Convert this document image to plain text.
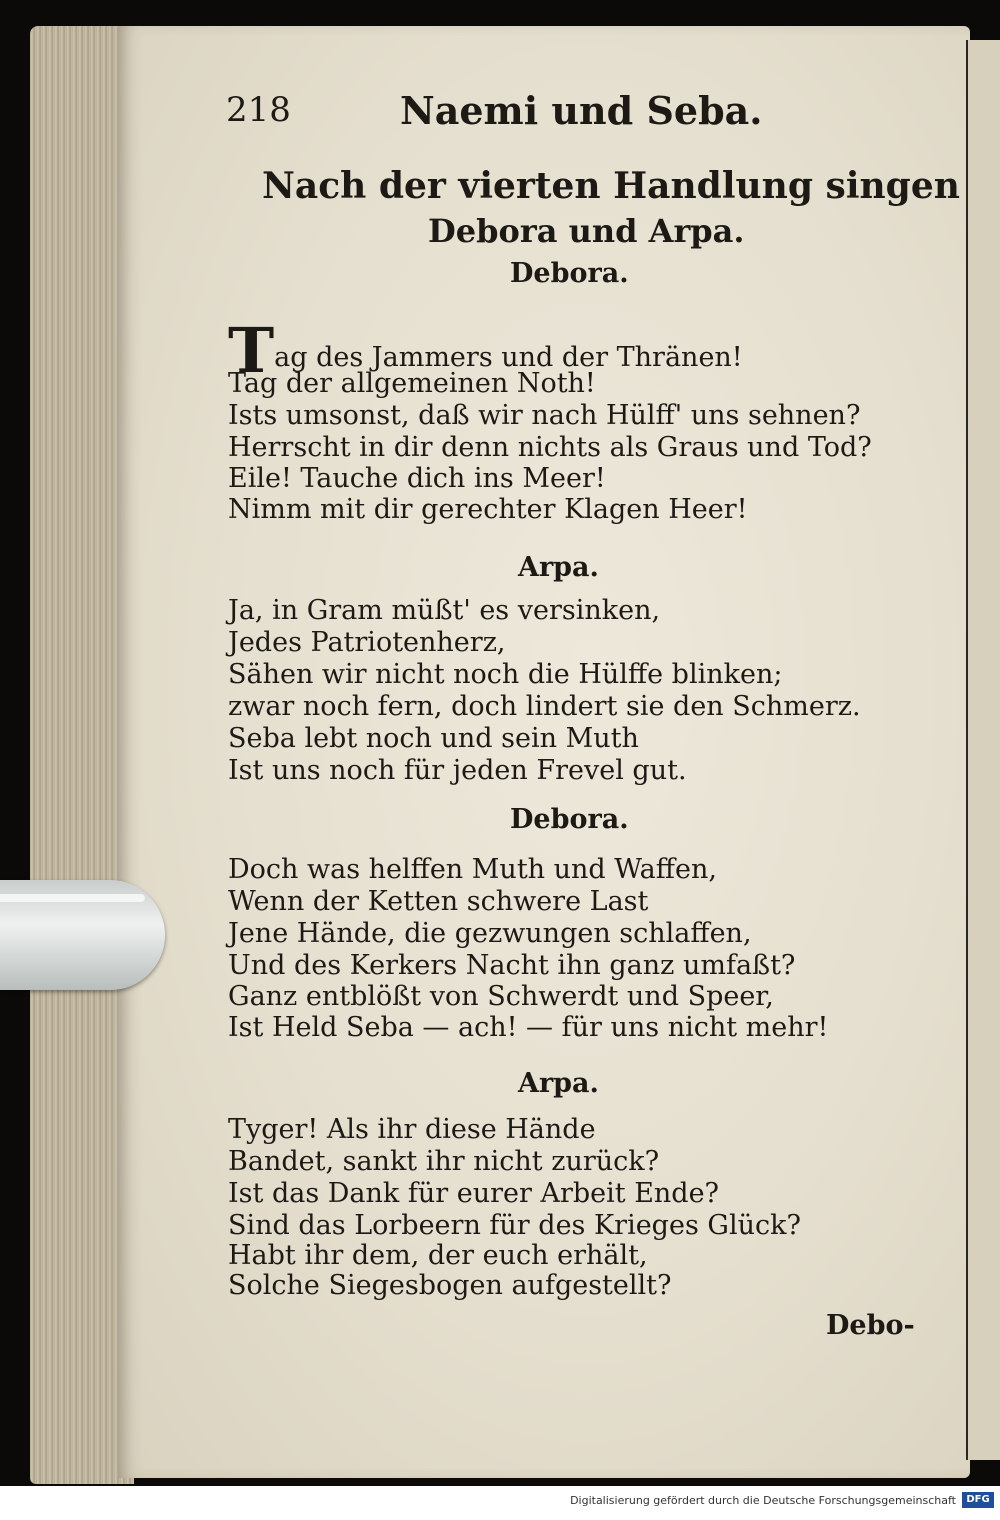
218	Naemi und Seba.
Nach der vierten Handlung singen
Debora und Arpa.
Debora.
Tag des Jammers und der Thränen!
Tag der allgemeinen Noth!
Ists umsonst, daß wir nach Hülff' uns sehnen?
Herrscht in dir denn nichts als Graus und Tod?
Eile! Tauche dich ins Meer!
Nimm mit dir gerechter Klagen Heer!
Arpa.
Ja, in Gram müßt' es versinken,
Jedes Patriotenherz,
Sähen wir nicht noch die Hülffe blinken;
zwar noch fern, doch lindert sie den Schmerz.
Seba lebt noch und sein Muth
Ist uns noch für jeden Frevel gut.
Debora.
Doch was helffen Muth und Waffen,
Wenn der Ketten schwere Last
Jene Hände, die gezwungen schlaffen,
Und des Kerkers Nacht ihn ganz umfaßt?
Ganz entblößt von Schwerdt und Speer,
Ist Held Seba — ach! — für uns nicht mehr!
Arpa.
Tyger! Als ihr diese Hände
Bandet, sankt ihr nicht zurück?
Ist das Dank für eurer Arbeit Ende?
Sind das Lorbeern für des Krieges Glück?
Habt ihr dem, der euch erhält,
Solche Siegesbogen aufgestellt?
Debo-
Digitalisierung gefördert durch die Deutsche Forschungsgemeinschaft	DFG
